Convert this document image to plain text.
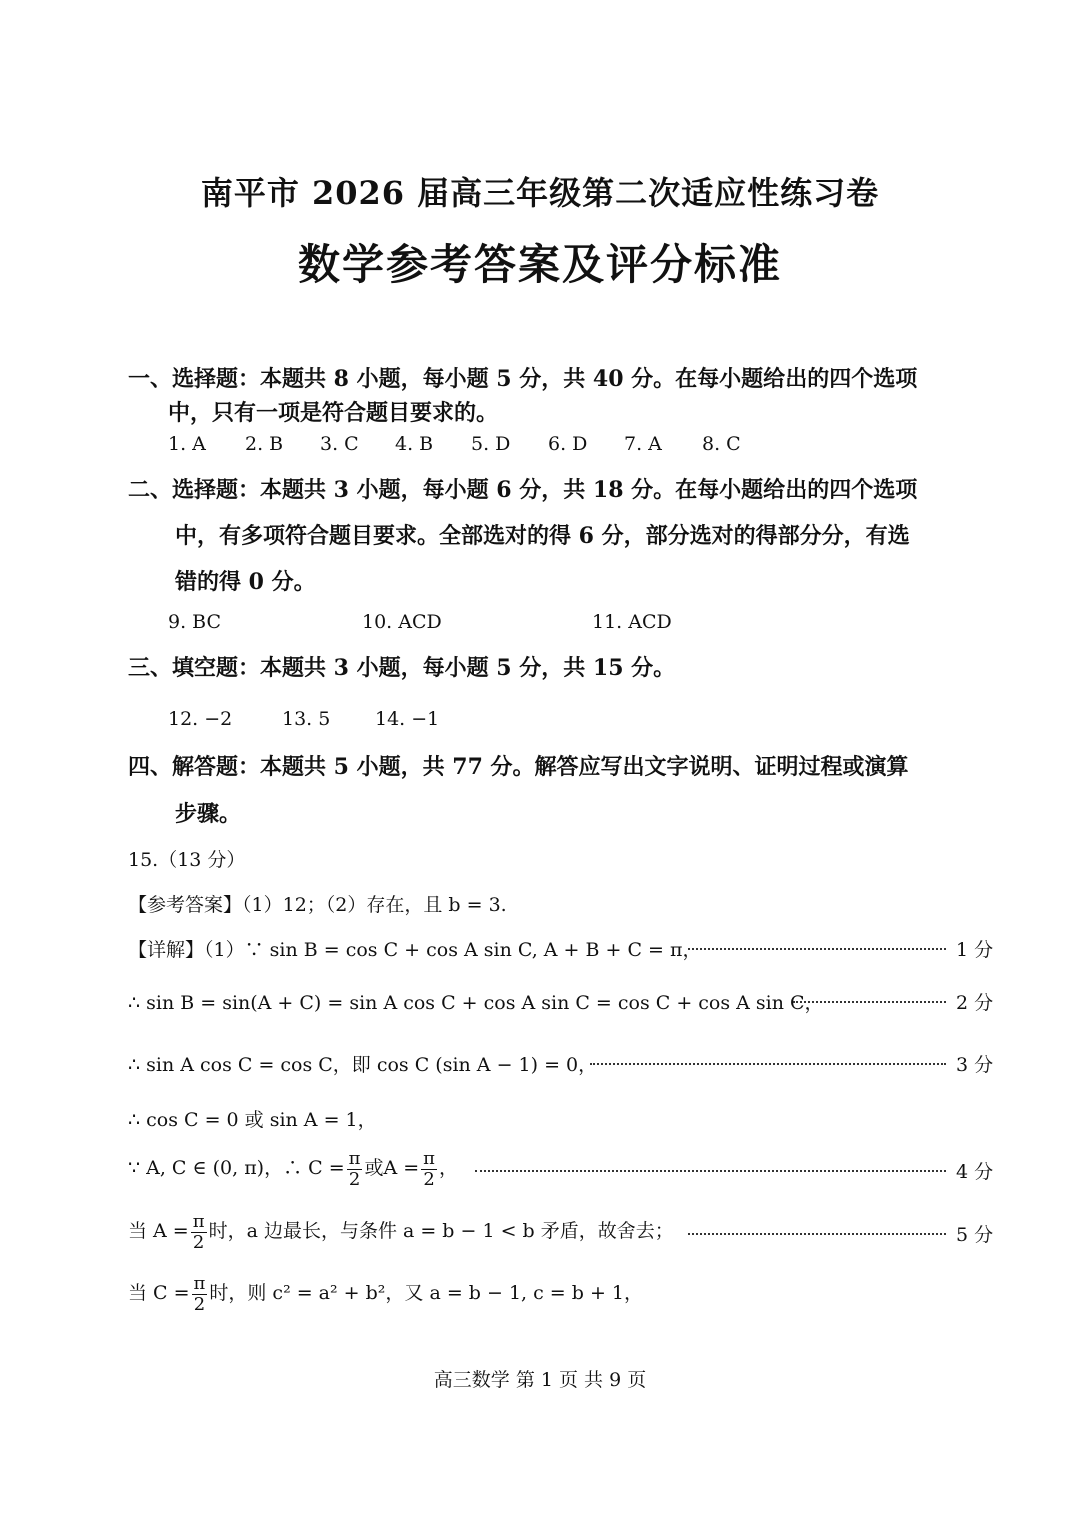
南平市 2026 届高三年级第二次适应性练习卷
数学参考答案及评分标准
一、选择题：本题共 8 小题，每小题 5 分，共 40 分。在每小题给出的四个选项
中，只有一项是符合题目要求的。
1. A 2. B 3. C 4. B 5. D 6. D 7. A 8. C
二、选择题：本题共 3 小题，每小题 6 分，共 18 分。在每小题给出的四个选项
中，有多项符合题目要求。全部选对的得 6 分，部分选对的得部分分，有选
错的得 0 分。
9. BC	10. ACD	11. ACD
三、填空题：本题共 3 小题，每小题 5 分，共 15 分。
12. −2	13. 5 14. −1
四、解答题：本题共 5 小题，共 77 分。解答应写出文字说明、证明过程或演算
步骤。
15.（13 分）
【参考答案】（1）12；（2）存在，且 b = 3.
【详解】（1）∵ sin B = cos C + cos A sin C, A + B + C = π，	1 分
∴ sin B = sin(A + C) = sin A cos C + cos A sin C = cos C + cos A sin C，	2 分
∴ sin A cos C = cos C，即 cos C (sin A − 1) = 0，	3 分
∴ cos C = 0 或 sin A = 1，
∵ A, C ∈ (0, π)，∴ $C = \frac{\pi}{2}$ 或$A = \frac{\pi}{2}$ ，	4 分
当 $A = \frac{\pi}{2}$ 时，a 边最长，与条件 a = b − 1 < b 矛盾，故舍去；	5 分
当 $C = \frac{\pi}{2}$ 时，则 c² = a² + b²，又 a = b − 1, c = b + 1，
高三数学 第 1 页 共 9 页
